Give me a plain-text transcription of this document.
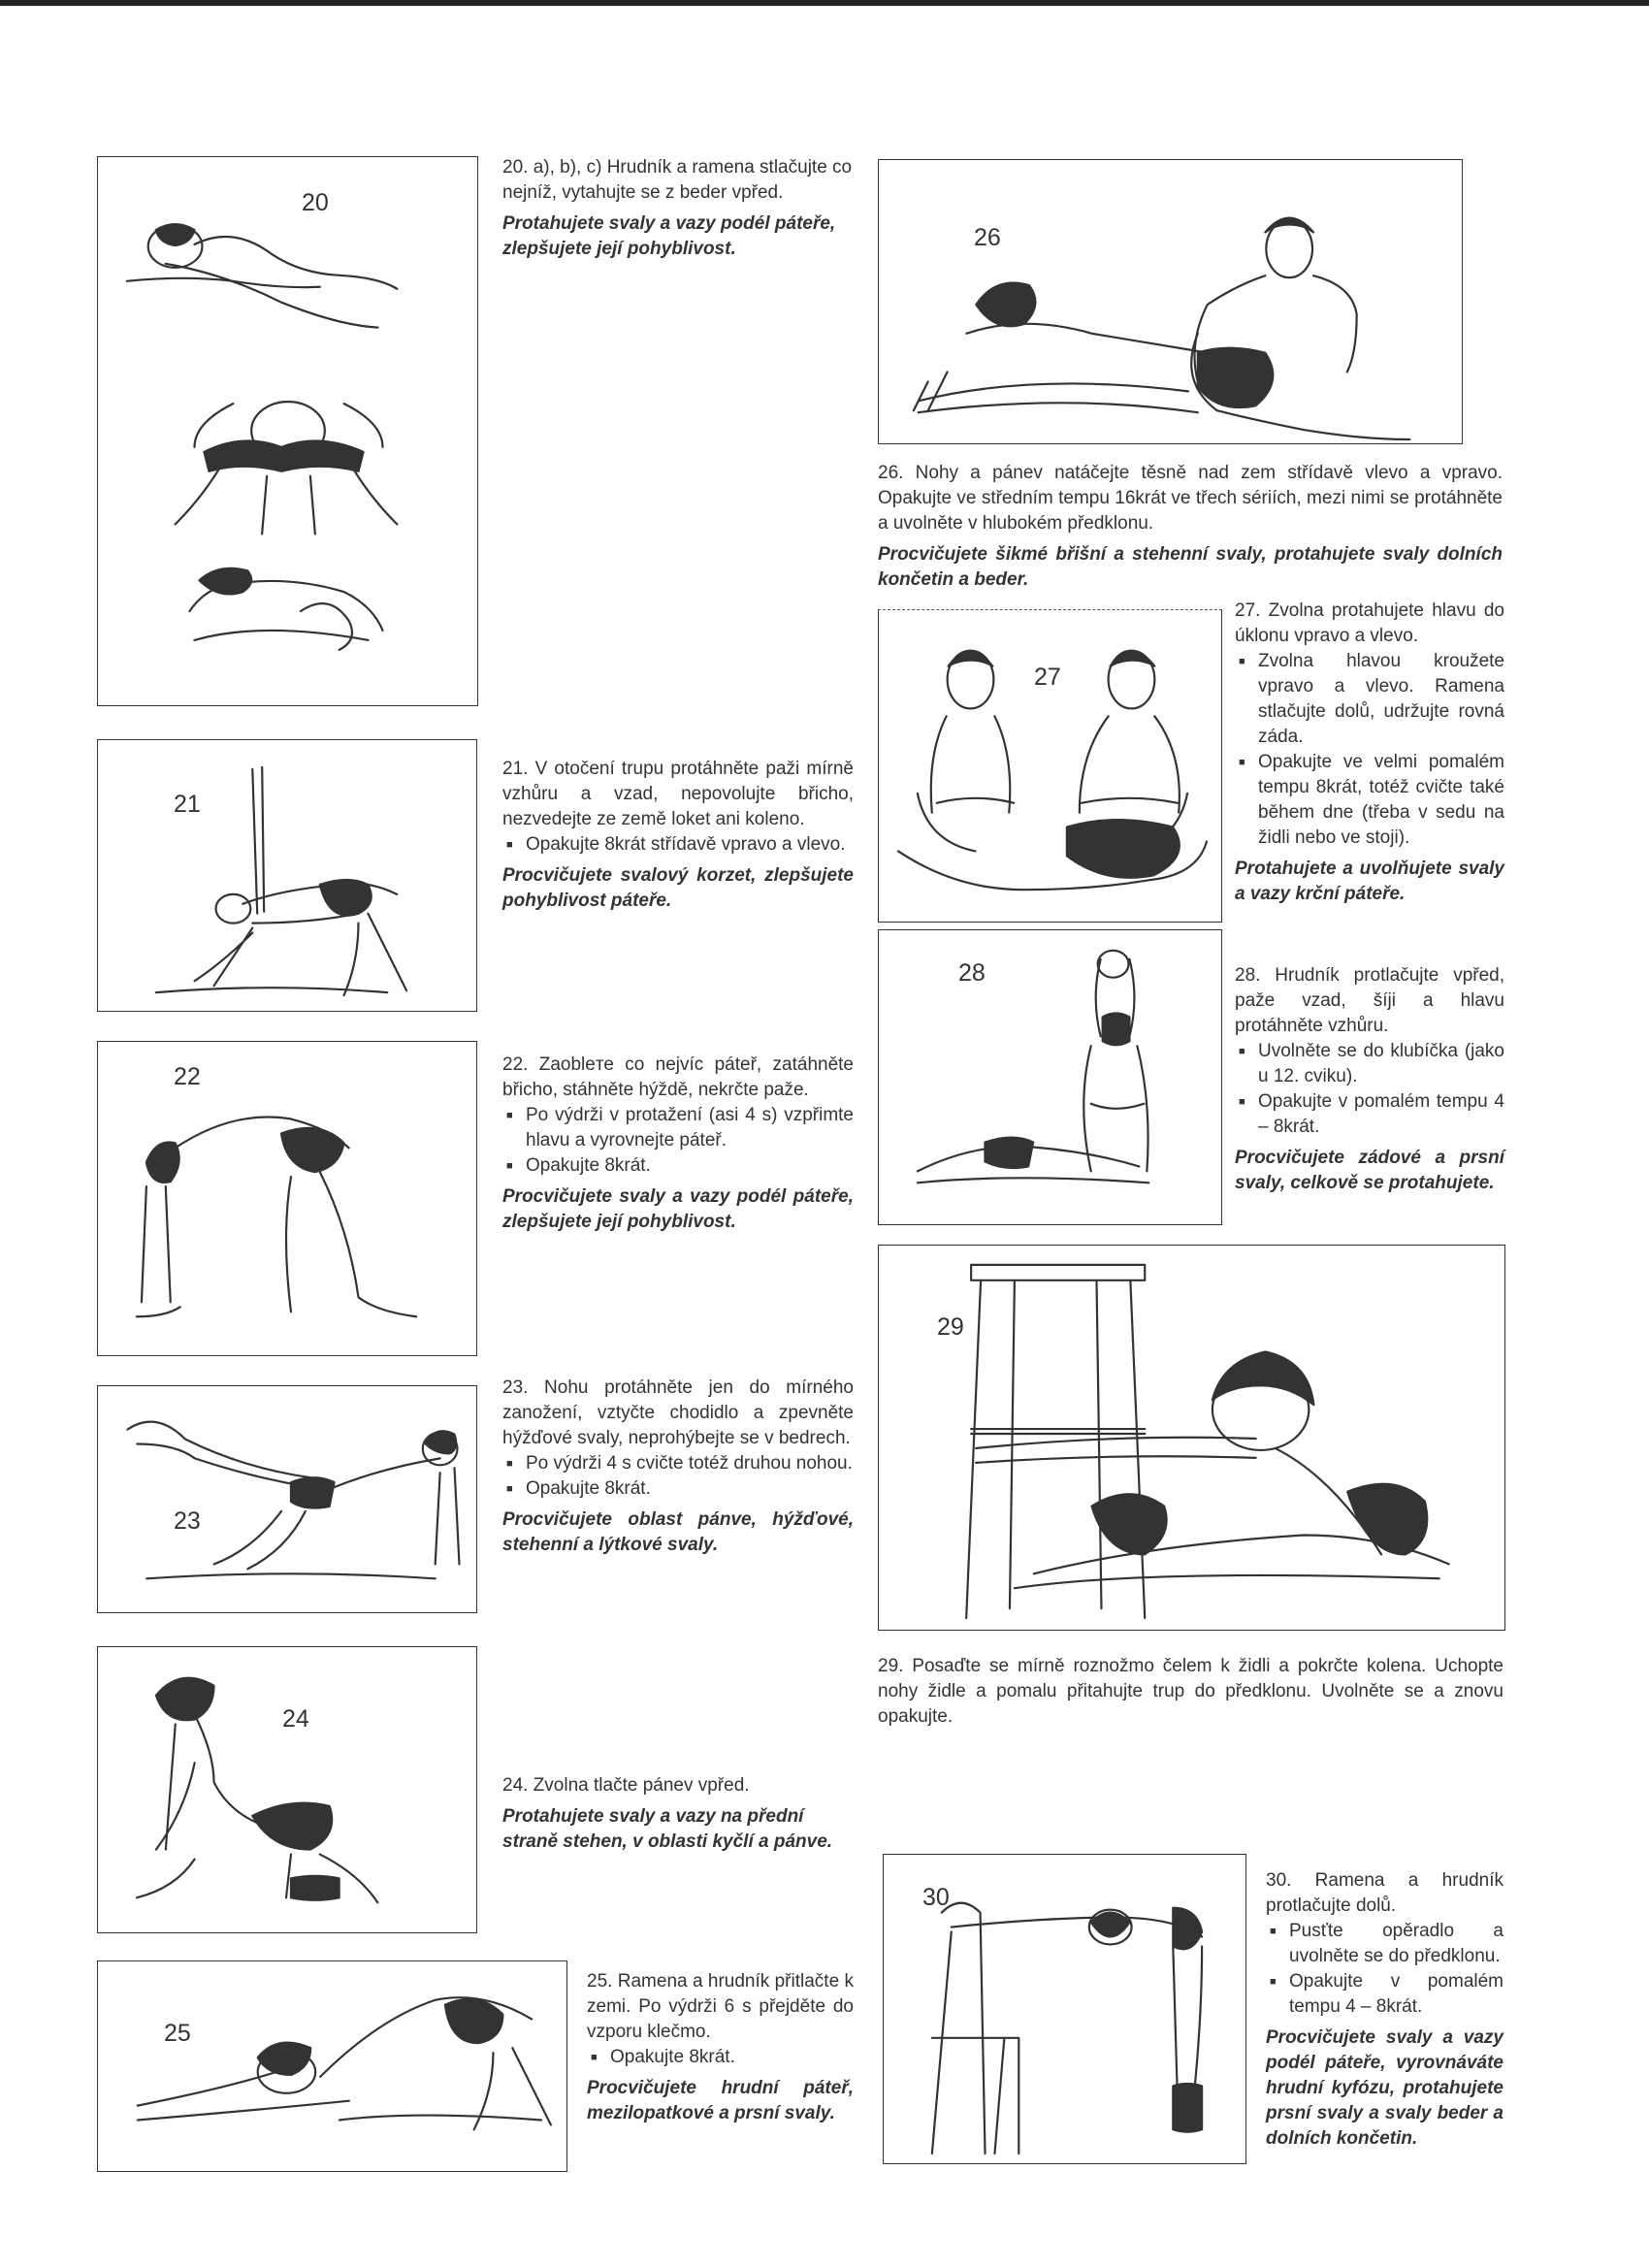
20

20. a), b), c) Hrudník a ramena stlačujte co nejníž, vytahujte se z beder vpřed.

Protahujete svaly a vazy podél páteře, zlepšujete její pohyblivost.	26

26. Nohy a pánev natáčejte těsně nad zem střídavě vlevo a vpravo. Opakujte ve středním tempu 16krát ve třech sériích, mezi nimi se protáhněte a uvolněte v hlubokém předklonu.

Procvičujete šikmé břišní a stehenní svaly, protahujete svaly dolních končetin a beder.

27

27. Zvolna protahujete hlavu do úklonu vpravo a vlevo.

■ Zvolna hlavou kroužete vpravo a vlevo. Ramena stlačujte dolů, udržujte rovná záda.
■ Opakujte ve velmi pomalém tempu 8krát, totéž cvičte také během dne (třeba v sedu na židli nebo ve stoji).

Protahujete a uvolňujete svaly a vazy krční páteře.

21

21. V otočení trupu protáhněte paži mírně vzhůru a vzad, nepovolujte břicho, nezvedejte ze země loket ani koleno.

■ Opakujte 8krát střídavě vpravo a vlevo.

Procvičujete svalový korzet, zlepšujete pohyblivost páteře.

28	28. Hrudník protlačujte vpřed, paže vzad, šíji a hlavu protáhněte vzhůru.

■ Uvolněte se do klubíčka (jako u 12. cviku).
■ Opakujte v pomalém tempu 4 – 8krát.

Procvičujete zádové a prsní svaly, celkově se protahujete.

22	22. Zaobleте co nejvíc páteř, zatáhněte břicho, stáhněte hýždě, nekrčte paže.

■ Po výdrži v protažení (asi 4 s) vzpřimte hlavu a vyrovnejte páteř.
■ Opakujte 8krát.

Procvičujete svaly a vazy podél páteře, zlepšujete její pohyblivost.

29
23

23. Nohu protáhněte jen do mírného zanožení, vztyčte chodidlo a zpevněte hýžďové svaly, neprohýbejte se v bedrech.

■ Po výdrži 4 s cvičte totéž druhou nohou.
■ Opakujte 8krát.

Procvičujete oblast pánve, hýžďové, stehenní a lýtkové svaly.

29. Posaďte se mírně roznožmo čelem k židli a pokrčte kolena. Uchopte nohy židle a pomalu přitahujte trup do předklonu. Uvolněte se a znovu opakujte.

24

24. Zvolna tlačte pánev vpřed.

Protahujete svaly a vazy na přední straně stehen, v oblasti kyčlí a pánve.

30

30. Ramena a hrudník protlačujte dolů.

■ Pusťte opěradlo a uvolněte se do předklonu.
■ Opakujte v pomalém tempu 4 – 8krát.

Procvičujete svaly a vazy podél páteře, vyrovnáváte hrudní kyfózu, protahujete prsní svaly a svaly beder a dolních končetin.

25

25. Ramena a hrudník přitlačte k zemi. Po výdrži 6 s přejděte do vzporu klečmo.

■ Opakujte 8krát.

Procvičujete hrudní páteř, mezilopatkové a prsní svaly.
